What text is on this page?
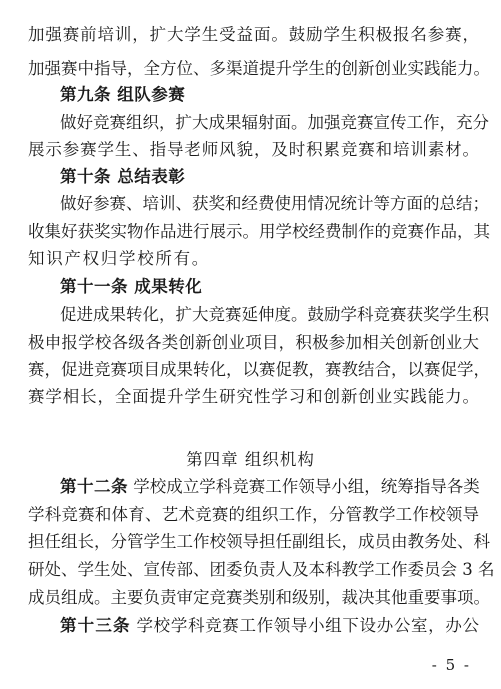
加强赛前培训，扩大学生受益面。鼓励学生积极报名参赛，
加强赛中指导，全方位、多渠道提升学生的创新创业实践能力。
第九条 组队参赛
做好竞赛组织，扩大成果辐射面。加强竞赛宣传工作，充分
展示参赛学生、指导老师风貌，及时积累竞赛和培训素材。
第十条 总结表彰
做好参赛、培训、获奖和经费使用情况统计等方面的总结；
收集好获奖实物作品进行展示。用学校经费制作的竞赛作品，其
知识产权归学校所有。
第十一条 成果转化
促进成果转化，扩大竞赛延伸度。鼓励学科竞赛获奖学生积
极申报学校各级各类创新创业项目，积极参加相关创新创业大
赛，促进竞赛项目成果转化，以赛促教，赛教结合，以赛促学，
赛学相长，全面提升学生研究性学习和创新创业实践能力。
第四章 组织机构
第十二条 学校成立学科竞赛工作领导小组，统筹指导各类
学科竞赛和体育、艺术竞赛的组织工作，分管教学工作校领导
担任组长，分管学生工作校领导担任副组长，成员由教务处、科
研处、学生处、宣传部、团委负责人及本科教学工作委员会 3 名
成员组成。主要负责审定竞赛类别和级别，裁决其他重要事项。
第十三条 学校学科竞赛工作领导小组下设办公室，办公
- 5 -
